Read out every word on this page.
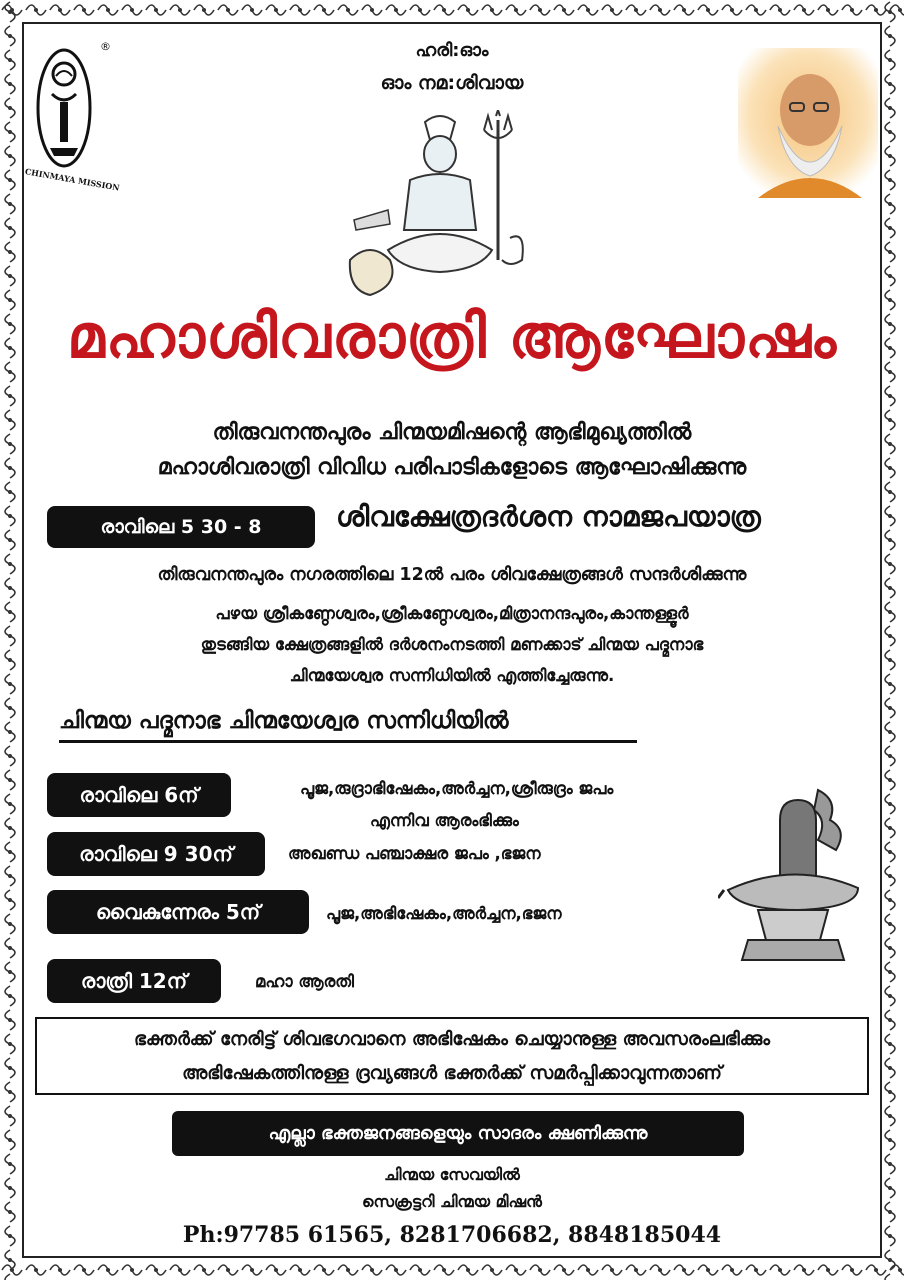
®
CHINMAYA MISSION
ഹരി:ഓം
ഓം നമ:ശിവായ
മഹാശിവരാത്രി ആഘോഷം
തിരുവനന്തപുരം ചിന്മയമിഷന്റെ ആഭിമുഖ്യത്തിൽ
മഹാശിവരാത്രി വിവിധ പരിപാടികളോടെ ആഘോഷിക്കുന്നു
രാവിലെ 5 30 - 8	ശിവക്ഷേത്രദർശന നാമജപയാത്ര
തിരുവനന്തപുരം നഗരത്തിലെ 12ൽ പരം ശിവക്ഷേത്രങ്ങൾ സന്ദർശിക്കുന്നു
പഴയ ശ്രീകണ്ഠേശ്വരം,ശ്രീകണ്ഠേശ്വരം,മിത്രാനന്ദപുരം,കാന്തള്ളൂർ
തുടങ്ങിയ ക്ഷേത്രങ്ങളിൽ ദർശനംനടത്തി മണക്കാട് ചിന്മയ പദ്മനാഭ
ചിന്മയേശ്വര സന്നിധിയിൽ എത്തിച്ചേരുന്നു.
ചിന്മയ പദ്മനാഭ ചിന്മയേശ്വര സന്നിധിയിൽ
രാവിലെ 6ന്	പൂജ,രുദ്രാഭിഷേകം,അർച്ചന,ശ്രീരുദ്രം ജപം
എന്നിവ ആരംഭിക്കും
രാവിലെ 9 30ന്	അഖണ്ഡ പഞ്ചാക്ഷര ജപം ,ഭജന
വൈകുന്നേരം 5ന്	പൂജ,അഭിഷേകം,അർച്ചന,ഭജന
രാത്രി 12ന്	മഹാ ആരതി
ഭക്തർക്ക് നേരിട്ട് ശിവഭഗവാനെ അഭിഷേകം ചെയ്യാനുള്ള അവസരംലഭിക്കും
അഭിഷേകത്തിനുള്ള ദ്രവ്യങ്ങൾ ഭക്തർക്ക് സമർപ്പിക്കാവുന്നതാണ്
എല്ലാ ഭക്തജനങ്ങളെയും സാദരം ക്ഷണിക്കുന്നു
ചിന്മയ സേവയിൽ
സെക്രട്ടറി ചിന്മയ മിഷൻ
Ph:97785 61565, 8281706682, 8848185044
